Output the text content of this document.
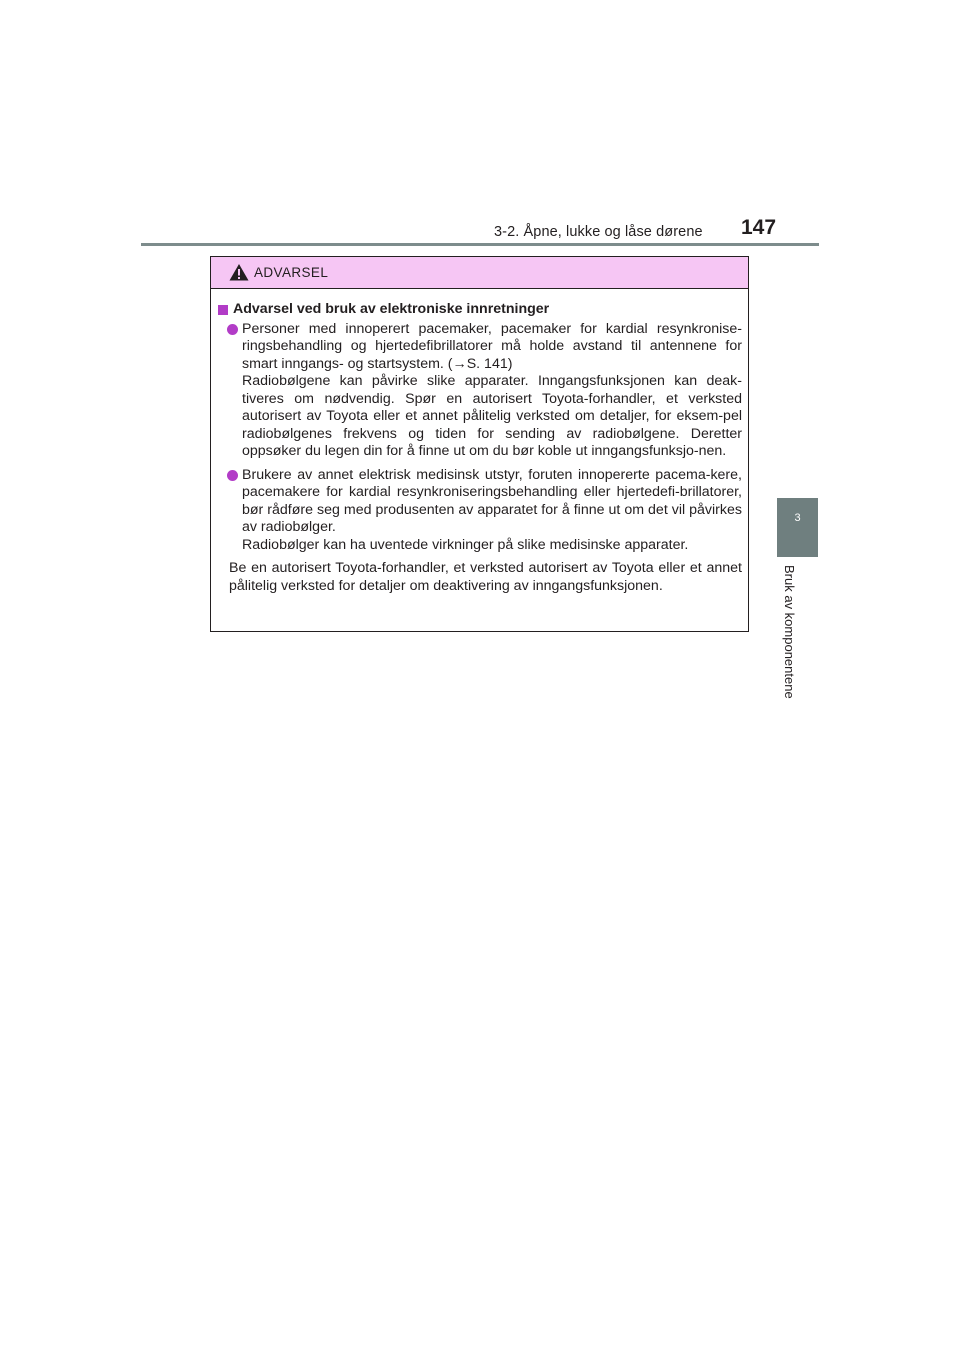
3-2. Åpne, lukke og låse dørene 147
3
Bruk av komponentene
ADVARSEL
Advarsel ved bruk av elektroniske innretninger
Personer med innoperert pacemaker, pacemaker for kardial resynkronise-ringsbehandling og hjertedefibrillatorer må holde avstand til antennene for smart inngangs- og startsystem. (→S. 141)
Radiobølgene kan påvirke slike apparater. Inngangsfunksjonen kan deak-tiveres om nødvendig. Spør en autorisert Toyota-forhandler, et verksted autorisert av Toyota eller et annet pålitelig verksted om detaljer, for eksem-pel radiobølgenes frekvens og tiden for sending av radiobølgene. Deretter oppsøker du legen din for å finne ut om du bør koble ut inngangsfunksjo-nen.
Brukere av annet elektrisk medisinsk utstyr, foruten innopererte pacema-kere, pacemakere for kardial resynkroniseringsbehandling eller hjertedefi-brillatorer, bør rådføre seg med produsenten av apparatet for å finne ut om det vil påvirkes av radiobølger.
Radiobølger kan ha uventede virkninger på slike medisinske apparater.
Be en autorisert Toyota-forhandler, et verksted autorisert av Toyota eller et annet pålitelig verksted for detaljer om deaktivering av inngangsfunksjonen.
